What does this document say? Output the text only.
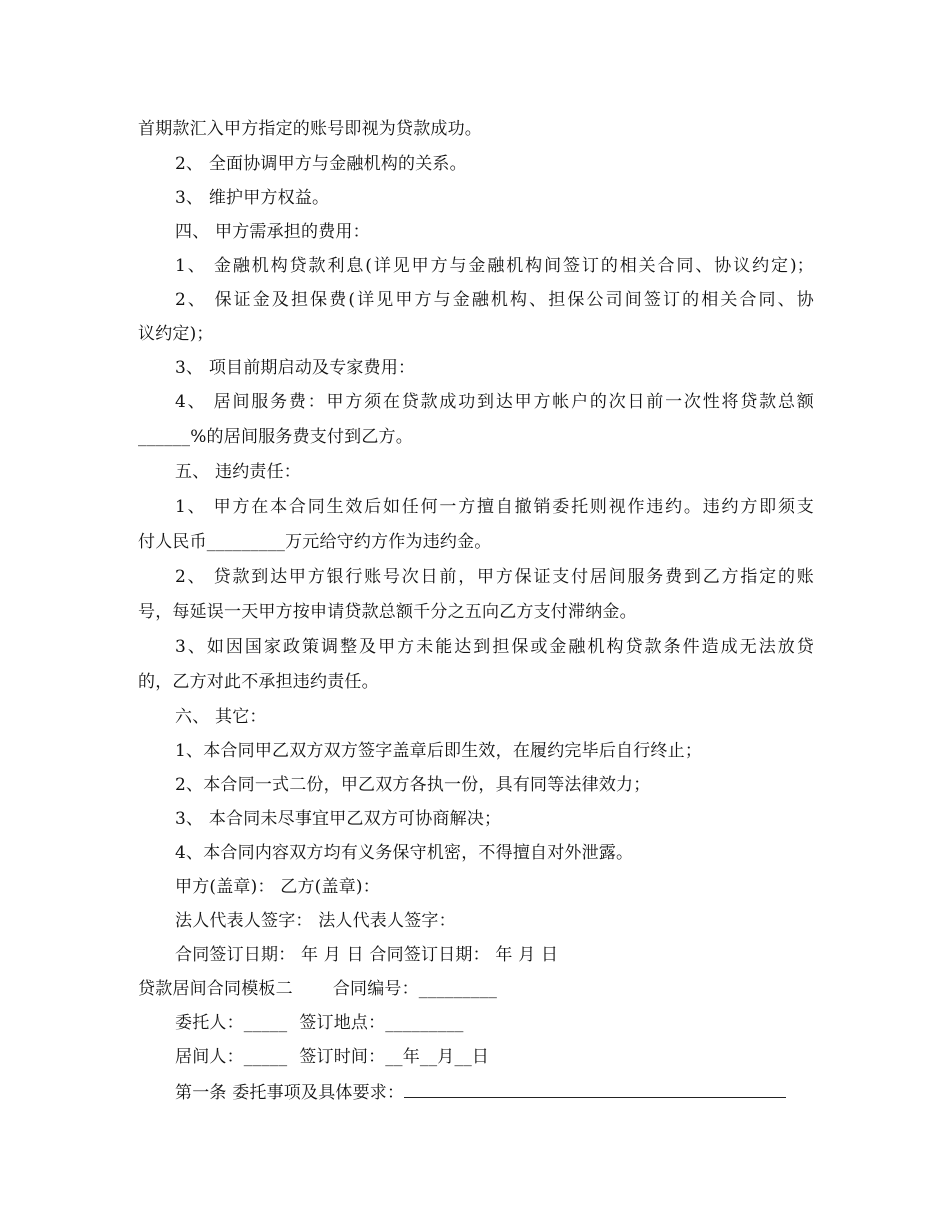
首期款汇入甲方指定的账号即视为贷款成功。
2、 全面协调甲方与金融机构的关系。
3、 维护甲方权益。
四、 甲方需承担的费用：
1、 金融机构贷款利息(详见甲方与金融机构间签订的相关合同、协议约定)；
2、 保证金及担保费(详见甲方与金融机构、担保公司间签订的相关合同、协
议约定)；
3、 项目前期启动及专家费用：
4、 居间服务费：甲方须在贷款成功到达甲方帐户的次日前一次性将贷款总额
______%的居间服务费支付到乙方。
五、 违约责任：
1、 甲方在本合同生效后如任何一方擅自撤销委托则视作违约。违约方即须支
付人民币_________万元给守约方作为违约金。
2、 贷款到达甲方银行账号次日前，甲方保证支付居间服务费到乙方指定的账
号，每延误一天甲方按申请贷款总额千分之五向乙方支付滞纳金。
3、如因国家政策调整及甲方未能达到担保或金融机构贷款条件造成无法放贷
的，乙方对此不承担违约责任。
六、 其它：
1、本合同甲乙双方双方签字盖章后即生效，在履约完毕后自行终止；
2、本合同一式二份，甲乙双方各执一份，具有同等法律效力；
3、 本合同未尽事宜甲乙双方可协商解决；
4、本合同内容双方均有义务保守机密，不得擅自对外泄露。
甲方(盖章)： 乙方(盖章)：
法人代表人签字： 法人代表人签字：
合同签订日期： 年 月 日 合同签订日期： 年 月 日
贷款居间合同模板二 合同编号：_________
委托人：_____ 签订地点：_________
居间人：_____ 签订时间：__年__月__日
第一条 委托事项及具体要求：
